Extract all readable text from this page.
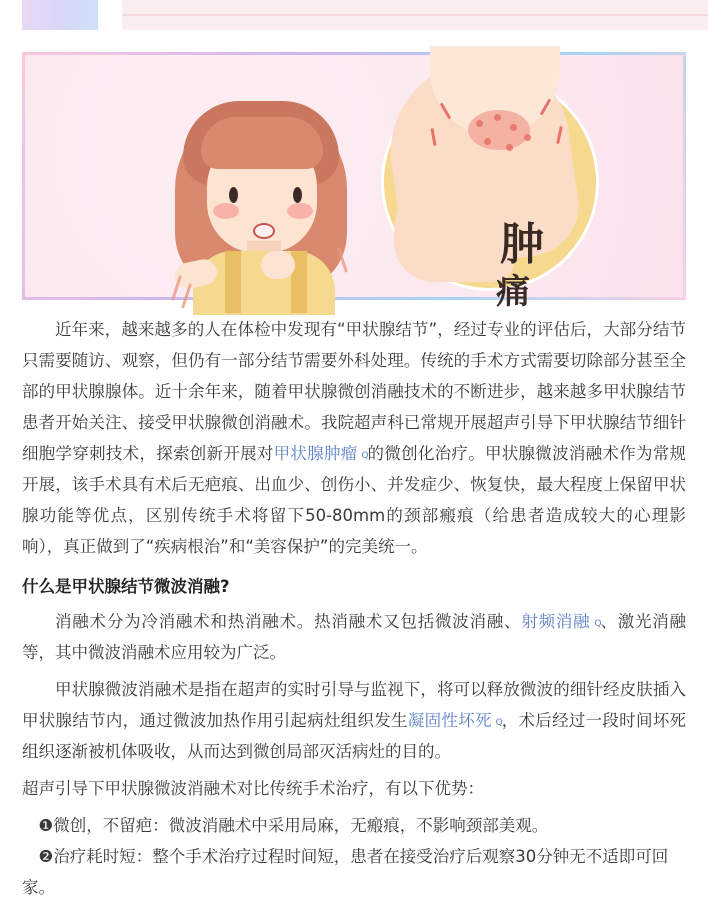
肿
痛

近年来，越来越多的人在体检中发现有“甲状腺结节”，经过专业的评估后，大部分结节只需要随访、观察，但仍有一部分结节需要外科处理。传统的手术方式需要切除部分甚至全部的甲状腺腺体。近十余年来，随着甲状腺微创消融技术的不断进步，越来越多甲状腺结节患者开始关注、接受甲状腺微创消融术。我院超声科已常规开展超声引导下甲状腺结节细针细胞学穿刺技术，探索创新开展对甲状腺肿瘤 Q 的微创化治疗。甲状腺微波消融术作为常规开展，该手术具有术后无疤痕、出血少、创伤小、并发症少、恢复快，最大程度上保留甲状腺功能等优点，区别传统手术将留下50-80mm的颈部瘢痕（给患者造成较大的心理影响），真正做到了“疾病根治”和“美容保护”的完美统一。

什么是甲状腺结节微波消融?

消融术分为冷消融术和热消融术。热消融术又包括微波消融、射频消融 Q 、激光消融等，其中微波消融术应用较为广泛。

甲状腺微波消融术是指在超声的实时引导与监视下，将可以释放微波的细针经皮肤插入甲状腺结节内，通过微波加热作用引起病灶组织发生凝固性坏死 Q ，术后经过一段时间坏死组织逐渐被机体吸收，从而达到微创局部灭活病灶的目的。

超声引导下甲状腺微波消融术对比传统手术治疗，有以下优势：

❶微创，不留疤：微波消融术中采用局麻，无瘢痕，不影响颈部美观。
❷治疗耗时短：整个手术治疗过程时间短，患者在接受治疗后观察30分钟无不适即可回家。
